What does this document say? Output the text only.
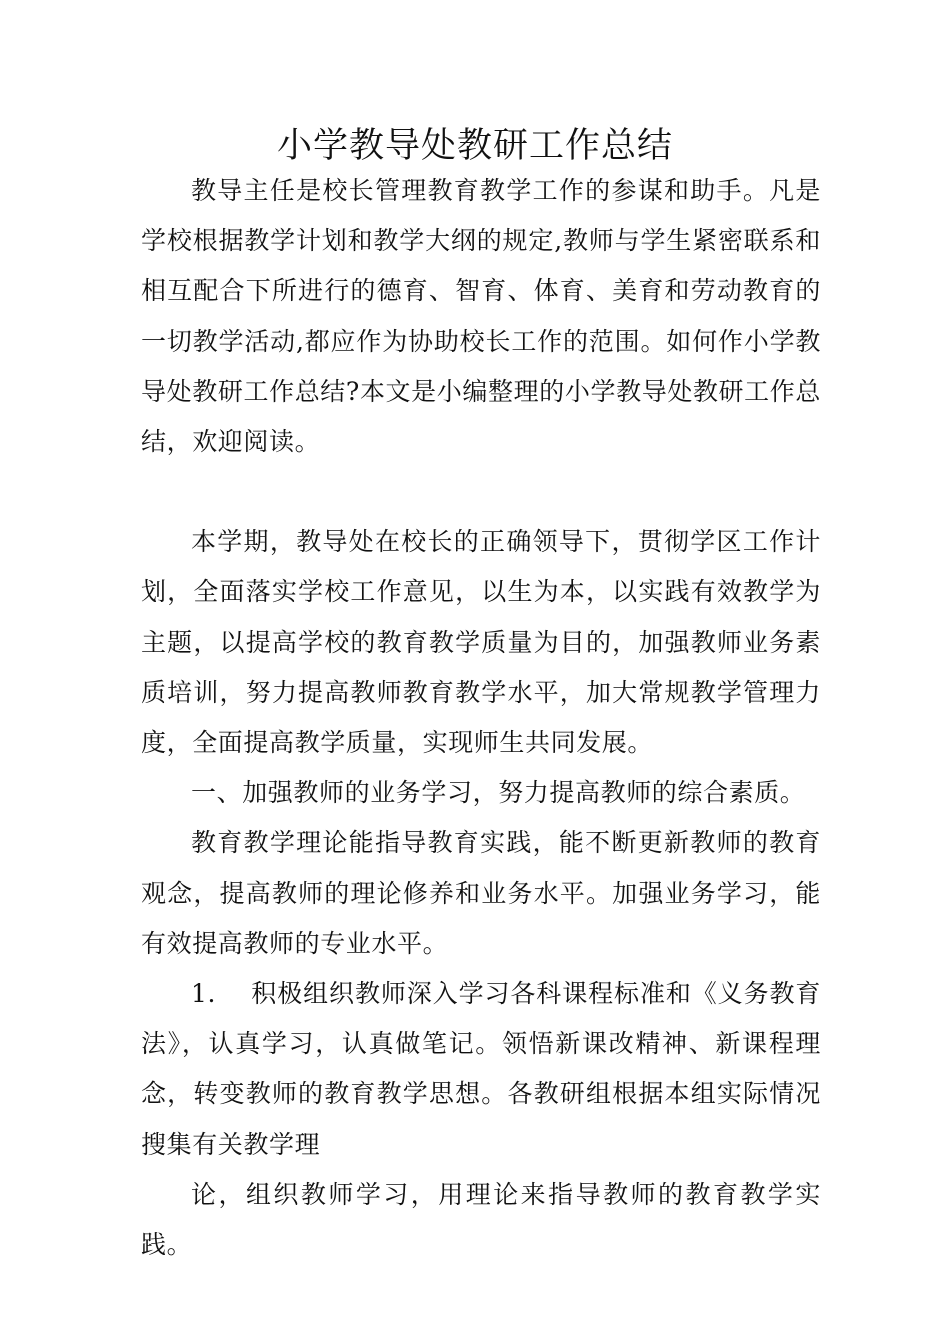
小学教导处教研工作总结

教导主任是校长管理教育教学工作的参谋和助手。凡是学校根据教学计划和教学大纲的规定,教师与学生紧密联系和相互配合下所进行的德育、智育、体育、美育和劳动教育的一切教学活动,都应作为协助校长工作的范围。如何作小学教导处教研工作总结?本文是小编整理的小学教导处教研工作总结，欢迎阅读。

本学期，教导处在校长的正确领导下，贯彻学区工作计划，全面落实学校工作意见，以生为本，以实践有效教学为主题，以提高学校的教育教学质量为目的，加强教师业务素质培训，努力提高教师教育教学水平，加大常规教学管理力度，全面提高教学质量，实现师生共同发展。

一、加强教师的业务学习，努力提高教师的综合素质。

教育教学理论能指导教育实践，能不断更新教师的教育观念，提高教师的理论修养和业务水平。加强业务学习，能有效提高教师的专业水平。

1. 积极组织教师深入学习各科课程标准和《义务教育法》，认真学习，认真做笔记。领悟新课改精神、新课程理念，转变教师的教育教学思想。各教研组根据本组实际情况搜集有关教学理

论，组织教师学习，用理论来指导教师的教育教学实践。
